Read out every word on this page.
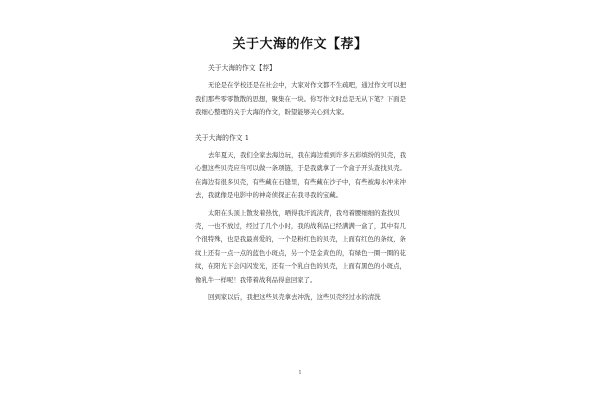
关于大海的作文【荐】

关于大海的作文【荐】

无论是在学校还是在社会中，大家对作文都不生疏吧，通过作文可以把我们那些零零散散的思想，聚集在一块。你写作文时总是无从下笔？下面是我细心整理的关于大海的作文，盼望能够关心到大家。

关于大海的作文 1

去年夏天，我们全家去海边玩，我在海边看到许多五彩缤纷的贝壳，我心想这些贝壳应当可以做一条项链，于是我就拿了一个盒子开头查找贝壳。在海边有很多贝壳，有些藏在石缝里，有些藏在沙子中，有些被海水冲来冲去，我就像是电影中的神奇侦探正在我寻我的宝藏。

太阳在头顶上散发着热忱，晒得我汗流浃背，我弯着腰细细的查找贝壳，一也不放过，经过了几个小时，我的战利品已经满满一盒了，其中有几个很特殊，也是我最喜爱的，一个是粉红色的贝壳，上面有红色的条纹，条纹上还有一点一点的蓝色小斑点，另一个是金黄色的，有绿色一圈一圈的花纹，在阳光下会闪闪发光，还有一个乳白色的贝壳，上面有黑色的小斑点，像乳牛一样呢！我带着战利品得意回家了。

回到家以后，我把这些贝壳拿去冲洗，这些贝壳经过水的清洗

1
